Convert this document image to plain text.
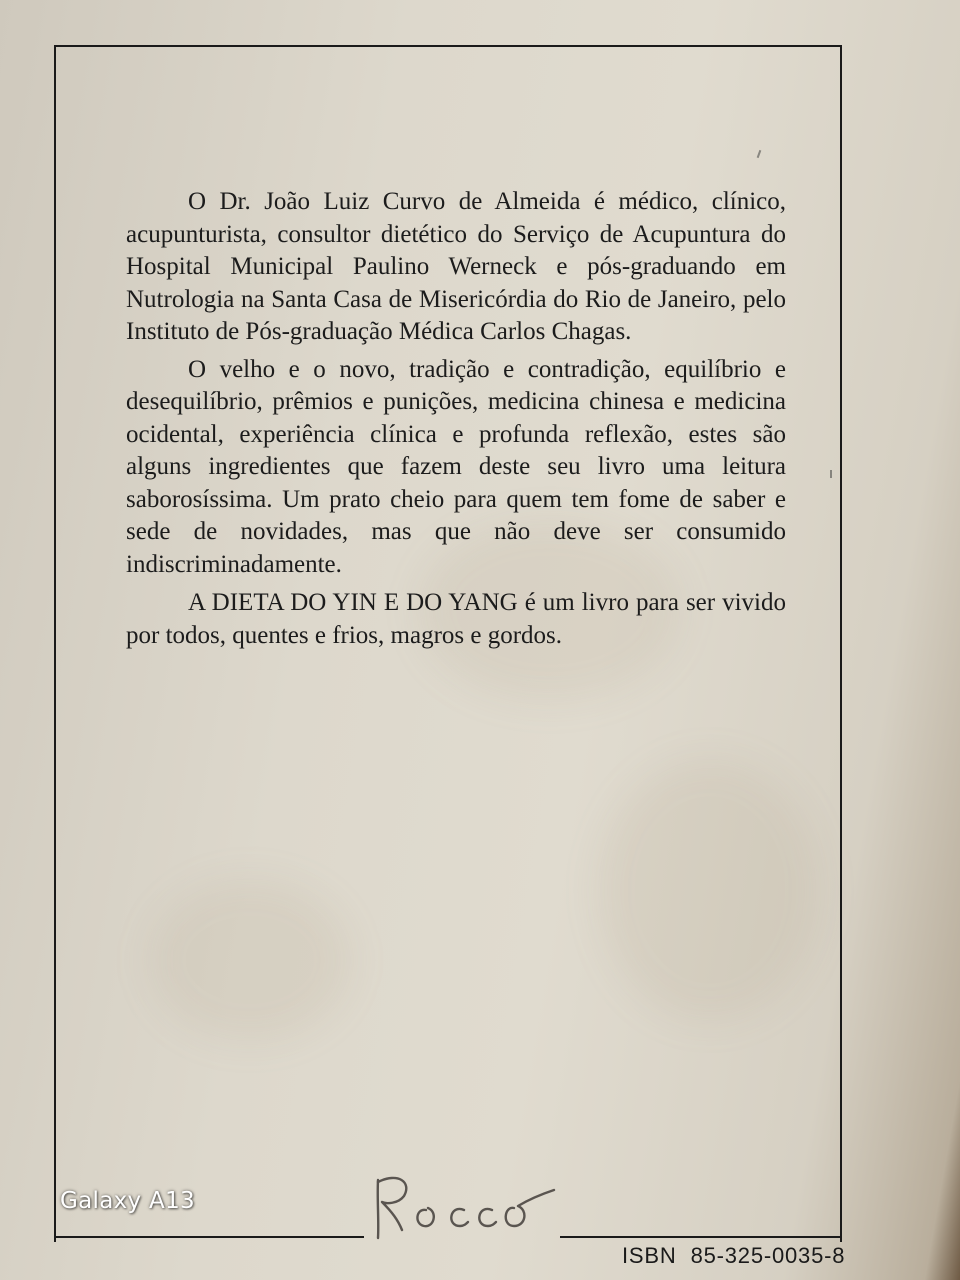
O Dr. João Luiz Curvo de Almeida é médico, clínico, acupunturista, consultor dietético do Serviço de Acupuntura do Hospital Municipal Paulino Werneck e pós-graduando em Nutrologia na Santa Casa de Misericórdia do Rio de Janeiro, pelo Instituto de Pós-graduação Médica Carlos Chagas.

O velho e o novo, tradição e contradição, equilíbrio e desequilíbrio, prêmios e punições, medicina chinesa e medicina ocidental, experiência clínica e profunda reflexão, estes são alguns ingredientes que fazem deste seu livro uma leitura saborosíssima. Um prato cheio para quem tem fome de saber e sede de novidades, mas que não deve ser consumido indiscriminadamente.

A DIETA DO YIN E DO YANG é um livro para ser vivido por todos, quentes e frios, magros e gordos.

Galaxy A13
ISBN 85-325-0035-8
